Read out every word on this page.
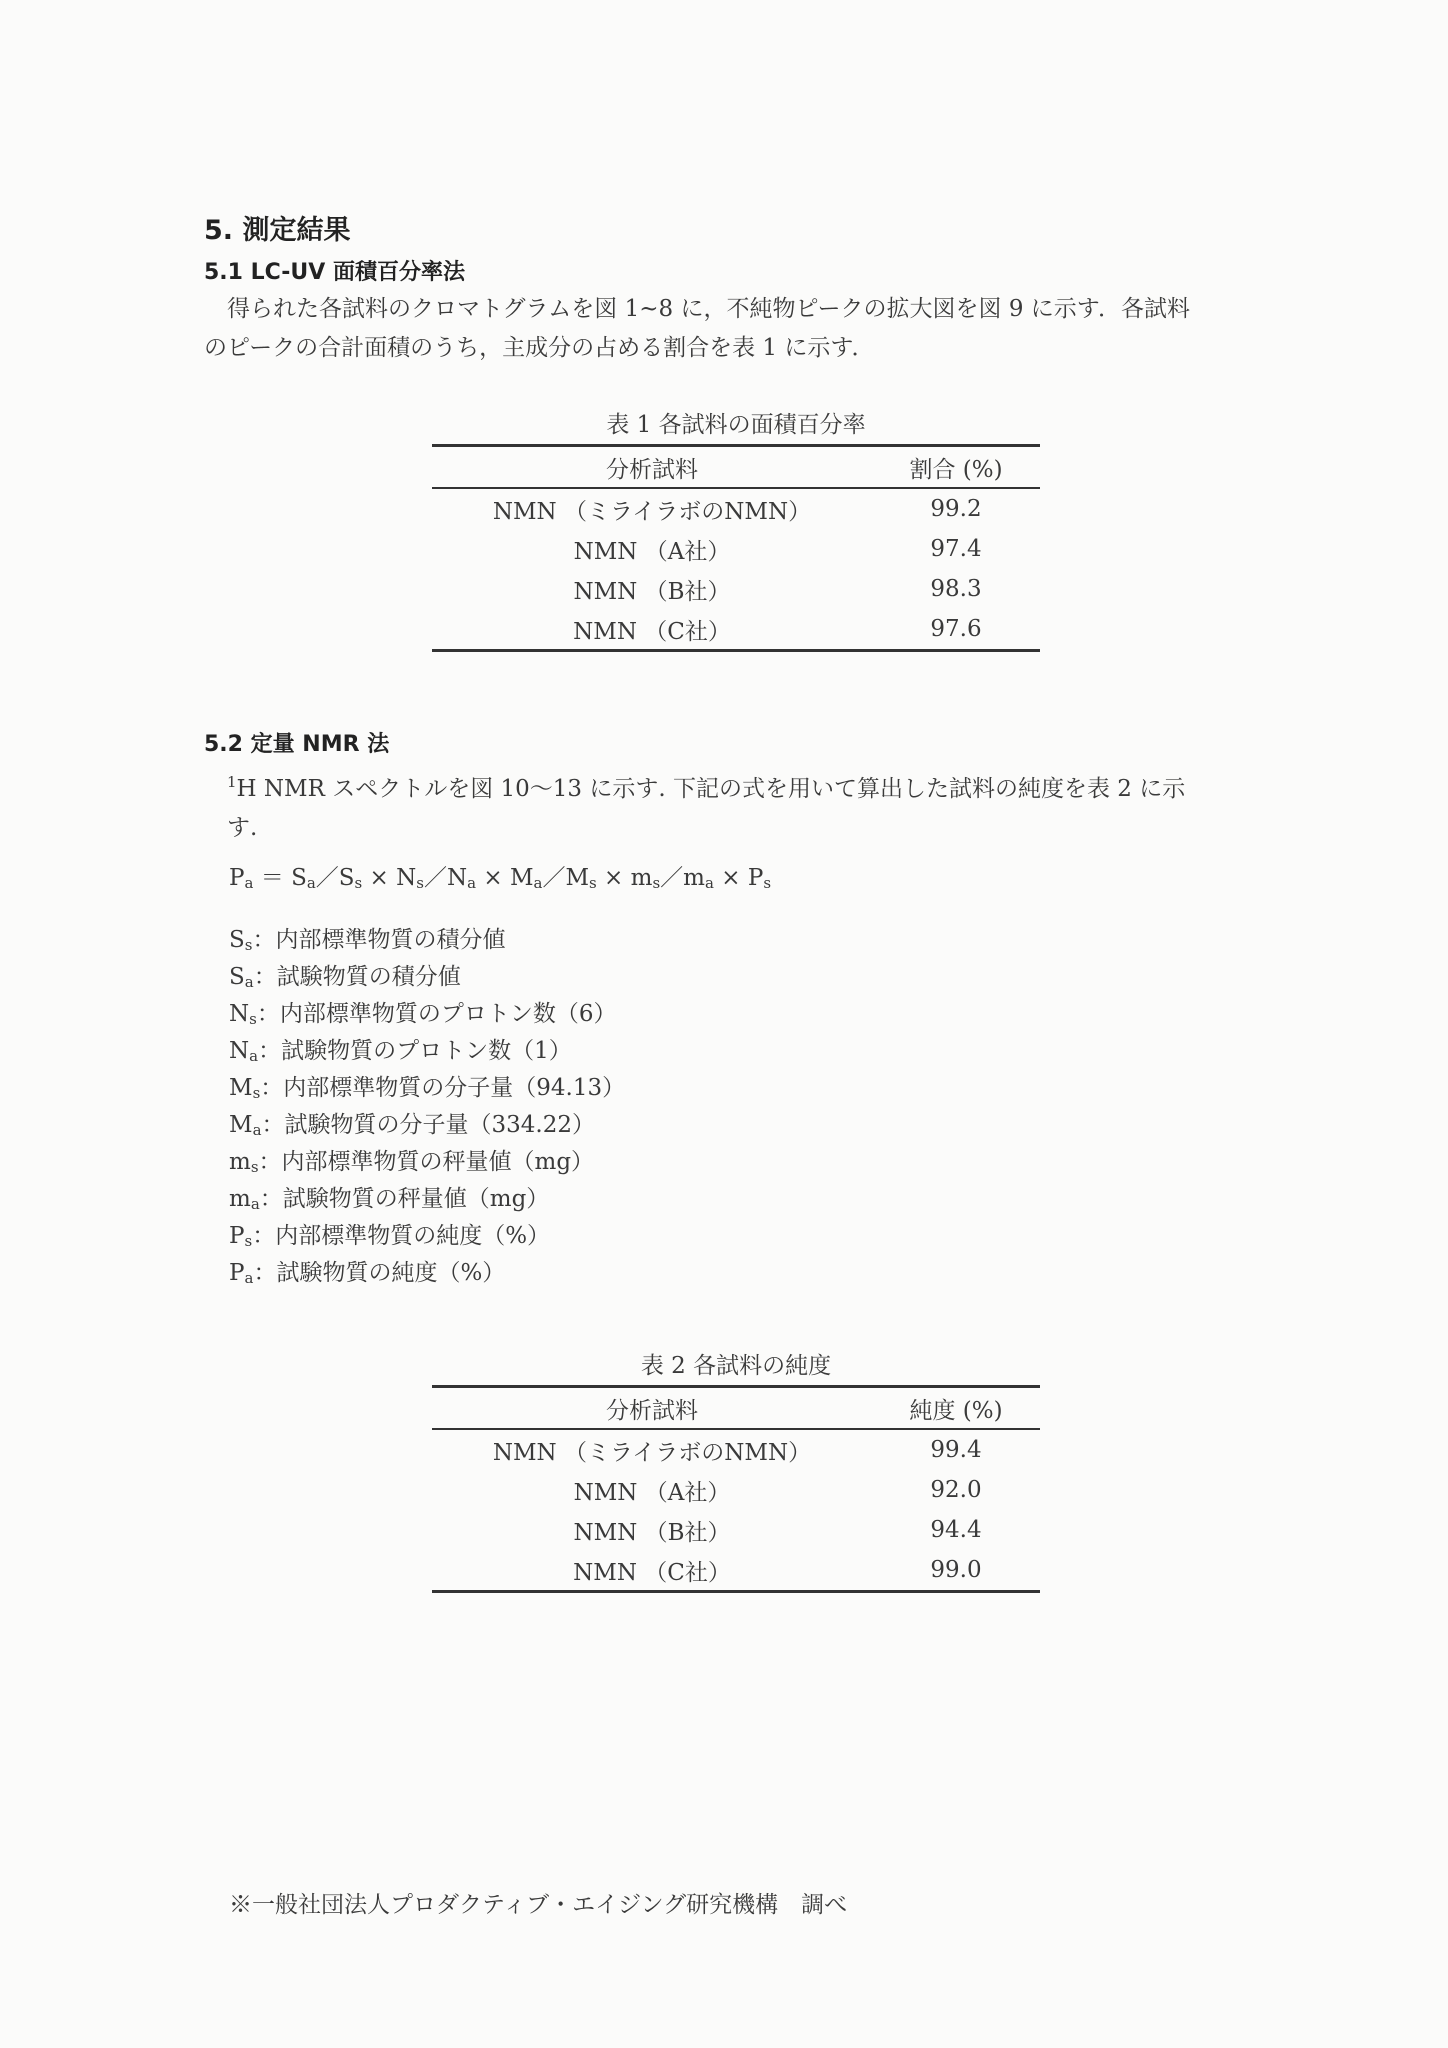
5. 測定結果
5.1 LC-UV 面積百分率法

得られた各試料のクロマトグラムを図 1~8 に，不純物ピークの拡大図を図 9 に示す．各試料
のピークの合計面積のうち，主成分の占める割合を表 1 に示す．

表 1 各試料の面積百分率
分析試料	割合 (%)
NMN （ミライラボのNMN）	99.2
NMN （A社）	97.4
NMN （B社）	98.3
NMN （C社）	97.6
5.2 定量 NMR 法

$^1$H NMR スペクトルを図 10〜13 に示す. 下記の式を用いて算出した試料の純度を表 2 に示
す.

$P_a$ ＝ $S_a/S_s$ × $N_s/N_a$ × $M_a/M_s$ × $m_s/m_a \times P_s$

$S_s$：内部標準物質の積分値
$S_a$：試験物質の積分値
$N_s$：内部標準物質のプロトン数（6）
$N_a$：試験物質のプロトン数（1）
$M_s$：内部標準物質の分子量（94.13）
$M_a$：試験物質の分子量（334.22）
$m_s$：内部標準物質の秤量値（mg）
$m_a$：試験物質の秤量値（mg）
$P_s$：内部標準物質の純度（%）
$P_a$：試験物質の純度（%）
表 2 各試料の純度
分析試料	純度 (%)
NMN （ミライラボのNMN）	99.4
NMN （A社）	92.0
NMN （B社）	94.4
NMN （C社）	99.0

※一般社団法人プロダクティブ・エイジング研究機構　調べ
